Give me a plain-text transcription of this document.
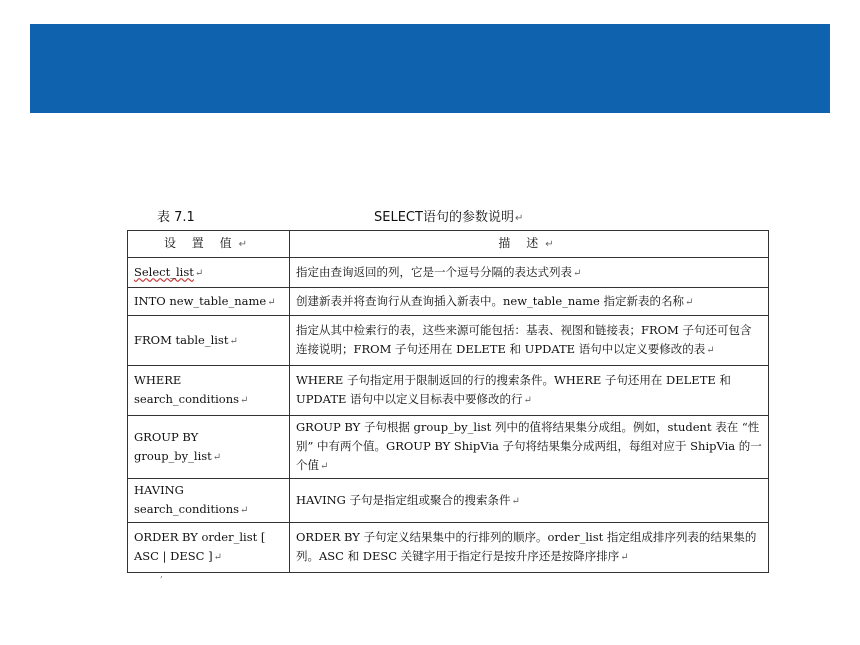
表 7.1	SELECT语句的参数说明↵
设 置 值↵	描 述↵
Select_list↵	指定由查询返回的列，它是一个逗号分隔的表达式列表↵
INTO new_table_name↵	创建新表并将查询行从查询插入新表中。new_table_name 指定新表的名称↵
FROM table_list↵	指定从其中检索行的表，这些来源可能包括：基表、视图和链接表；FROM 子句还可包含连接说明；FROM 子句还用在 DELETE 和 UPDATE 语句中以定义要修改的表↵
WHERE search_conditions↵	WHERE 子句指定用于限制返回的行的搜索条件。WHERE 子句还用在 DELETE 和 UPDATE 语句中以定义目标表中要修改的行↵
GROUP BY group_by_list↵	GROUP BY 子句根据 group_by_list 列中的值将结果集分成组。例如，student 表在 “性别” 中有两个值。GROUP BY ShipVia 子句将结果集分成两组，每组对应于 ShipVia 的一个值↵
HAVING search_conditions↵	HAVING 子句是指定组或聚合的搜索条件↵
ORDER BY order_list [ ASC | DESC ]↵	ORDER BY 子句定义结果集中的行排列的顺序。order_list 指定组成排序列表的结果集的列。ASC 和 DESC 关键字用于指定行是按升序还是按降序排序↵
,
